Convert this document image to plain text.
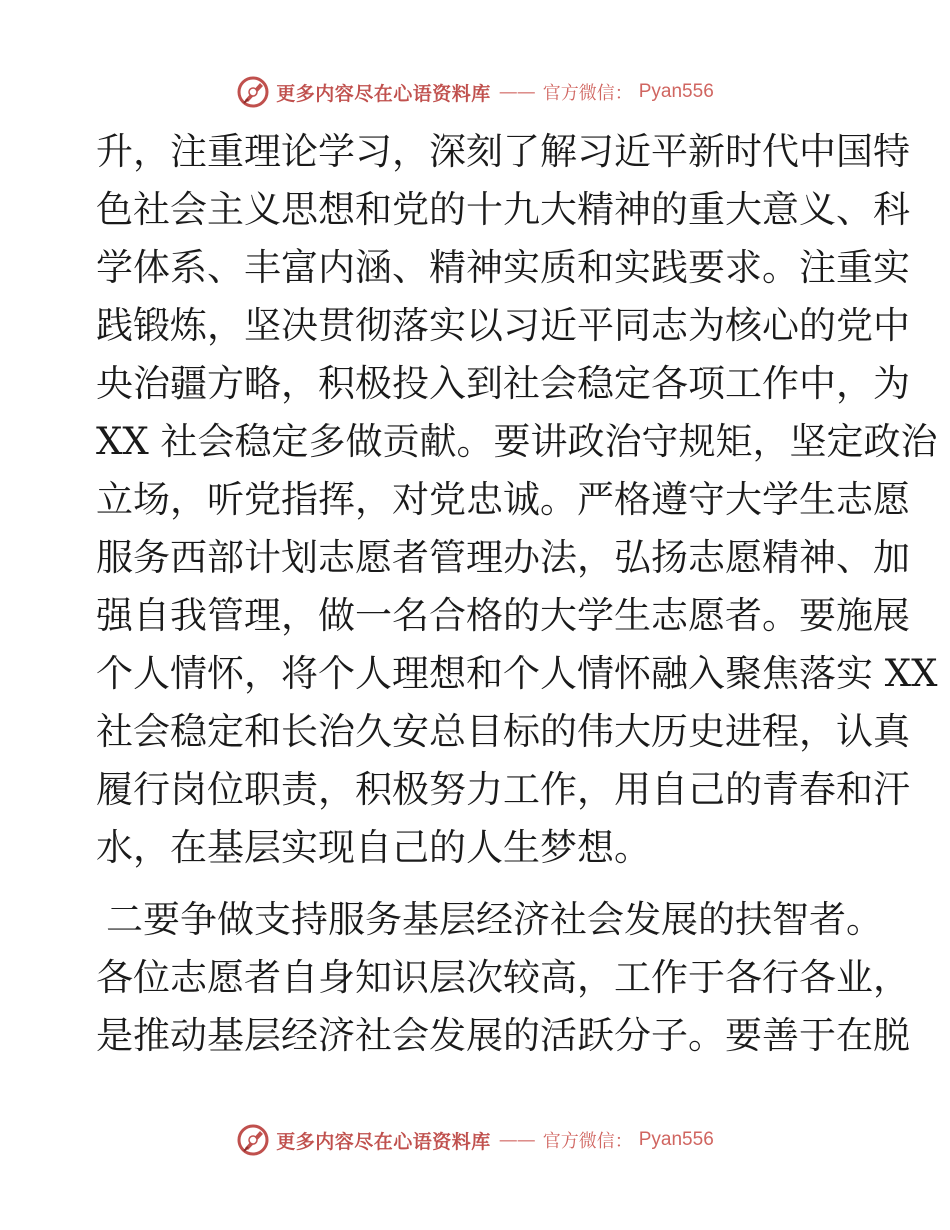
更多内容尽在心语资料库 —— 官方微信： Pyan556
升，注重理论学习，深刻了解习近平新时代中国特
色社会主义思想和党的十九大精神的重大意义、科
学体系、丰富内涵、精神实质和实践要求。注重实
践锻炼，坚决贯彻落实以习近平同志为核心的党中
央治疆方略，积极投入到社会稳定各项工作中，为
XX 社会稳定多做贡献。要讲政治守规矩，坚定政治
立场，听党指挥，对党忠诚。严格遵守大学生志愿
服务西部计划志愿者管理办法，弘扬志愿精神、加
强自我管理，做一名合格的大学生志愿者。要施展
个人情怀，将个人理想和个人情怀融入聚焦落实 XX
社会稳定和长治久安总目标的伟大历史进程，认真
履行岗位职责，积极努力工作，用自己的青春和汗
水，在基层实现自己的人生梦想。
二要争做支持服务基层经济社会发展的扶智者。
各位志愿者自身知识层次较高，工作于各行各业，
是推动基层经济社会发展的活跃分子。要善于在脱
更多内容尽在心语资料库 —— 官方微信： Pyan556
